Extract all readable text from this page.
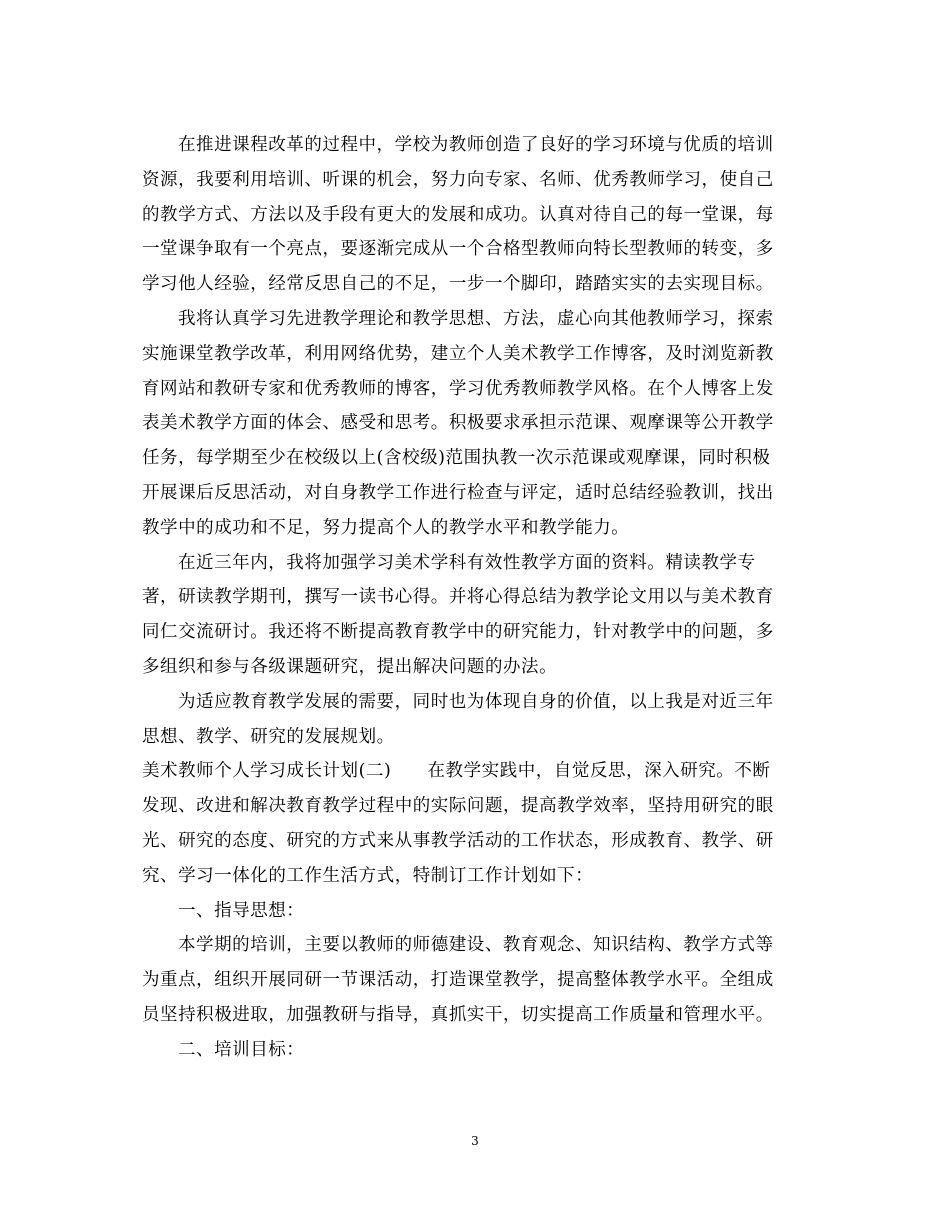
在推进课程改革的过程中，学校为教师创造了良好的学习环境与优质的培训
资源，我要利用培训、听课的机会，努力向专家、名师、优秀教师学习，使自己
的教学方式、方法以及手段有更大的发展和成功。认真对待自己的每一堂课，每
一堂课争取有一个亮点，要逐渐完成从一个合格型教师向特长型教师的转变，多
学习他人经验，经常反思自己的不足，一步一个脚印，踏踏实实的去实现目标。
我将认真学习先进教学理论和教学思想、方法，虚心向其他教师学习，探索
实施课堂教学改革，利用网络优势，建立个人美术教学工作博客，及时浏览新教
育网站和教研专家和优秀教师的博客，学习优秀教师教学风格。在个人博客上发
表美术教学方面的体会、感受和思考。积极要求承担示范课、观摩课等公开教学
任务，每学期至少在校级以上(含校级)范围执教一次示范课或观摩课，同时积极
开展课后反思活动，对自身教学工作进行检查与评定，适时总结经验教训，找出
教学中的成功和不足，努力提高个人的教学水平和教学能力。
在近三年内，我将加强学习美术学科有效性教学方面的资料。精读教学专
著，研读教学期刊，撰写一读书心得。并将心得总结为教学论文用以与美术教育
同仁交流研讨。我还将不断提高教育教学中的研究能力，针对教学中的问题，多
多组织和参与各级课题研究，提出解决问题的办法。
为适应教育教学发展的需要，同时也为体现自身的价值，以上我是对近三年
思想、教学、研究的发展规划。
美术教师个人学习成长计划(二)　　在教学实践中，自觉反思，深入研究。不断
发现、改进和解决教育教学过程中的实际问题，提高教学效率，坚持用研究的眼
光、研究的态度、研究的方式来从事教学活动的工作状态，形成教育、教学、研
究、学习一体化的工作生活方式，特制订工作计划如下：
一、指导思想：
本学期的培训，主要以教师的师德建设、教育观念、知识结构、教学方式等
为重点，组织开展同研一节课活动，打造课堂教学，提高整体教学水平。全组成
员坚持积极进取，加强教研与指导，真抓实干，切实提高工作质量和管理水平。
二、培训目标：
3
